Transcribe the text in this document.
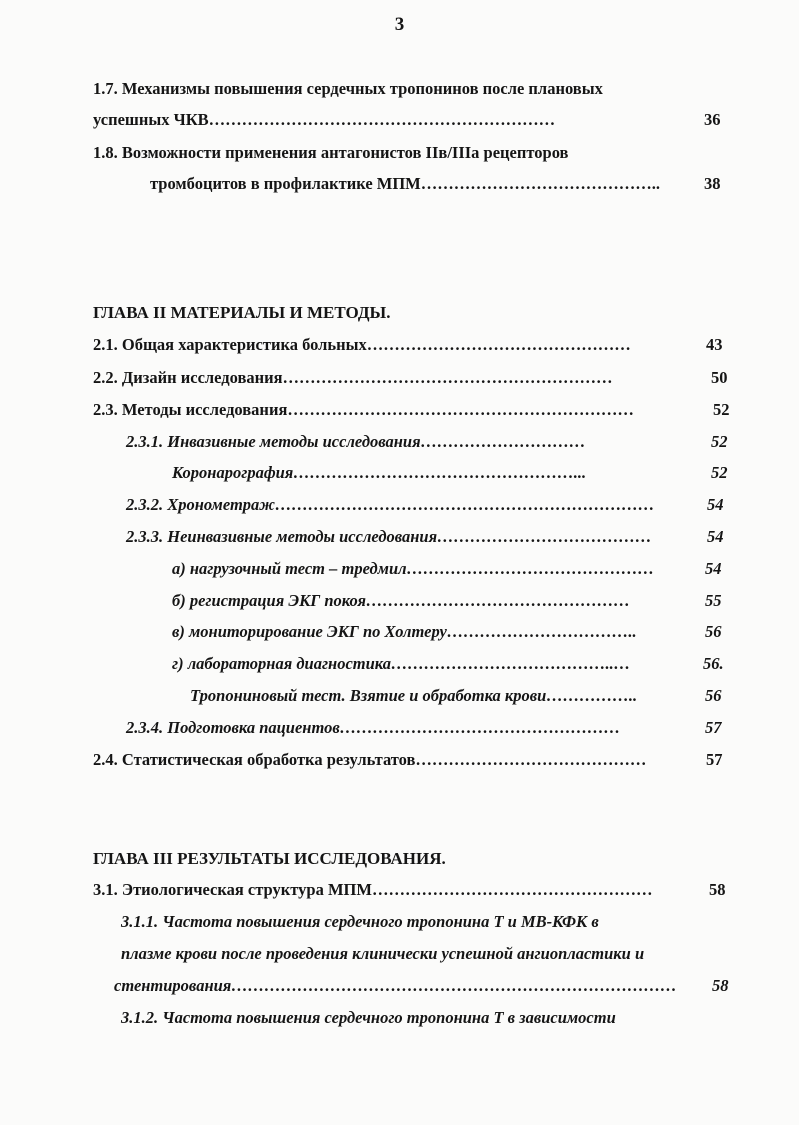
3
1.7. Механизмы повышения сердечных тропонинов после плановых
успешных ЧКВ………………………………………………………	36
1.8. Возможности применения антагонистов IIв/IIIa рецепторов
тромбоцитов в профилактике МПМ……………………………………..	38
ГЛАВА II МАТЕРИАЛЫ И МЕТОДЫ.
2.1. Общая характеристика больных…………………………………………	43
2.2. Дизайн исследования……………………………………………………	50
2.3. Методы исследования………………………………………………………	52
2.3.1. Инвазивные методы исследования…………………………	52
Коронарография……………………………………………...	52
2.3.2. Хронометраж……………………………………………………………	54
2.3.3. Неинвазивные методы исследования…………………………………	54
а) нагрузочный тест – тредмил………………………………………	54
б) регистрация ЭКГ покоя…………………………………………	55
в) мониторирование ЭКГ по Холтеру……………………………..	56
г) лабораторная диагностика…………………………………..…	56.
Тропониновый тест. Взятие и обработка крови……………..	56
2.3.4. Подготовка пациентов……………………………………………	57
2.4. Статистическая обработка результатов……………………………………	57
ГЛАВА III РЕЗУЛЬТАТЫ ИССЛЕДОВАНИЯ.
3.1. Этиологическая структура МПМ……………………………………………	58
3.1.1. Частота повышения сердечного тропонина Т и МВ-КФК в
плазме крови после проведения клинически успешной ангиопластики и
стентирования……………………………………………………………………… 58
3.1.2. Частота повышения сердечного тропонина Т в зависимости
